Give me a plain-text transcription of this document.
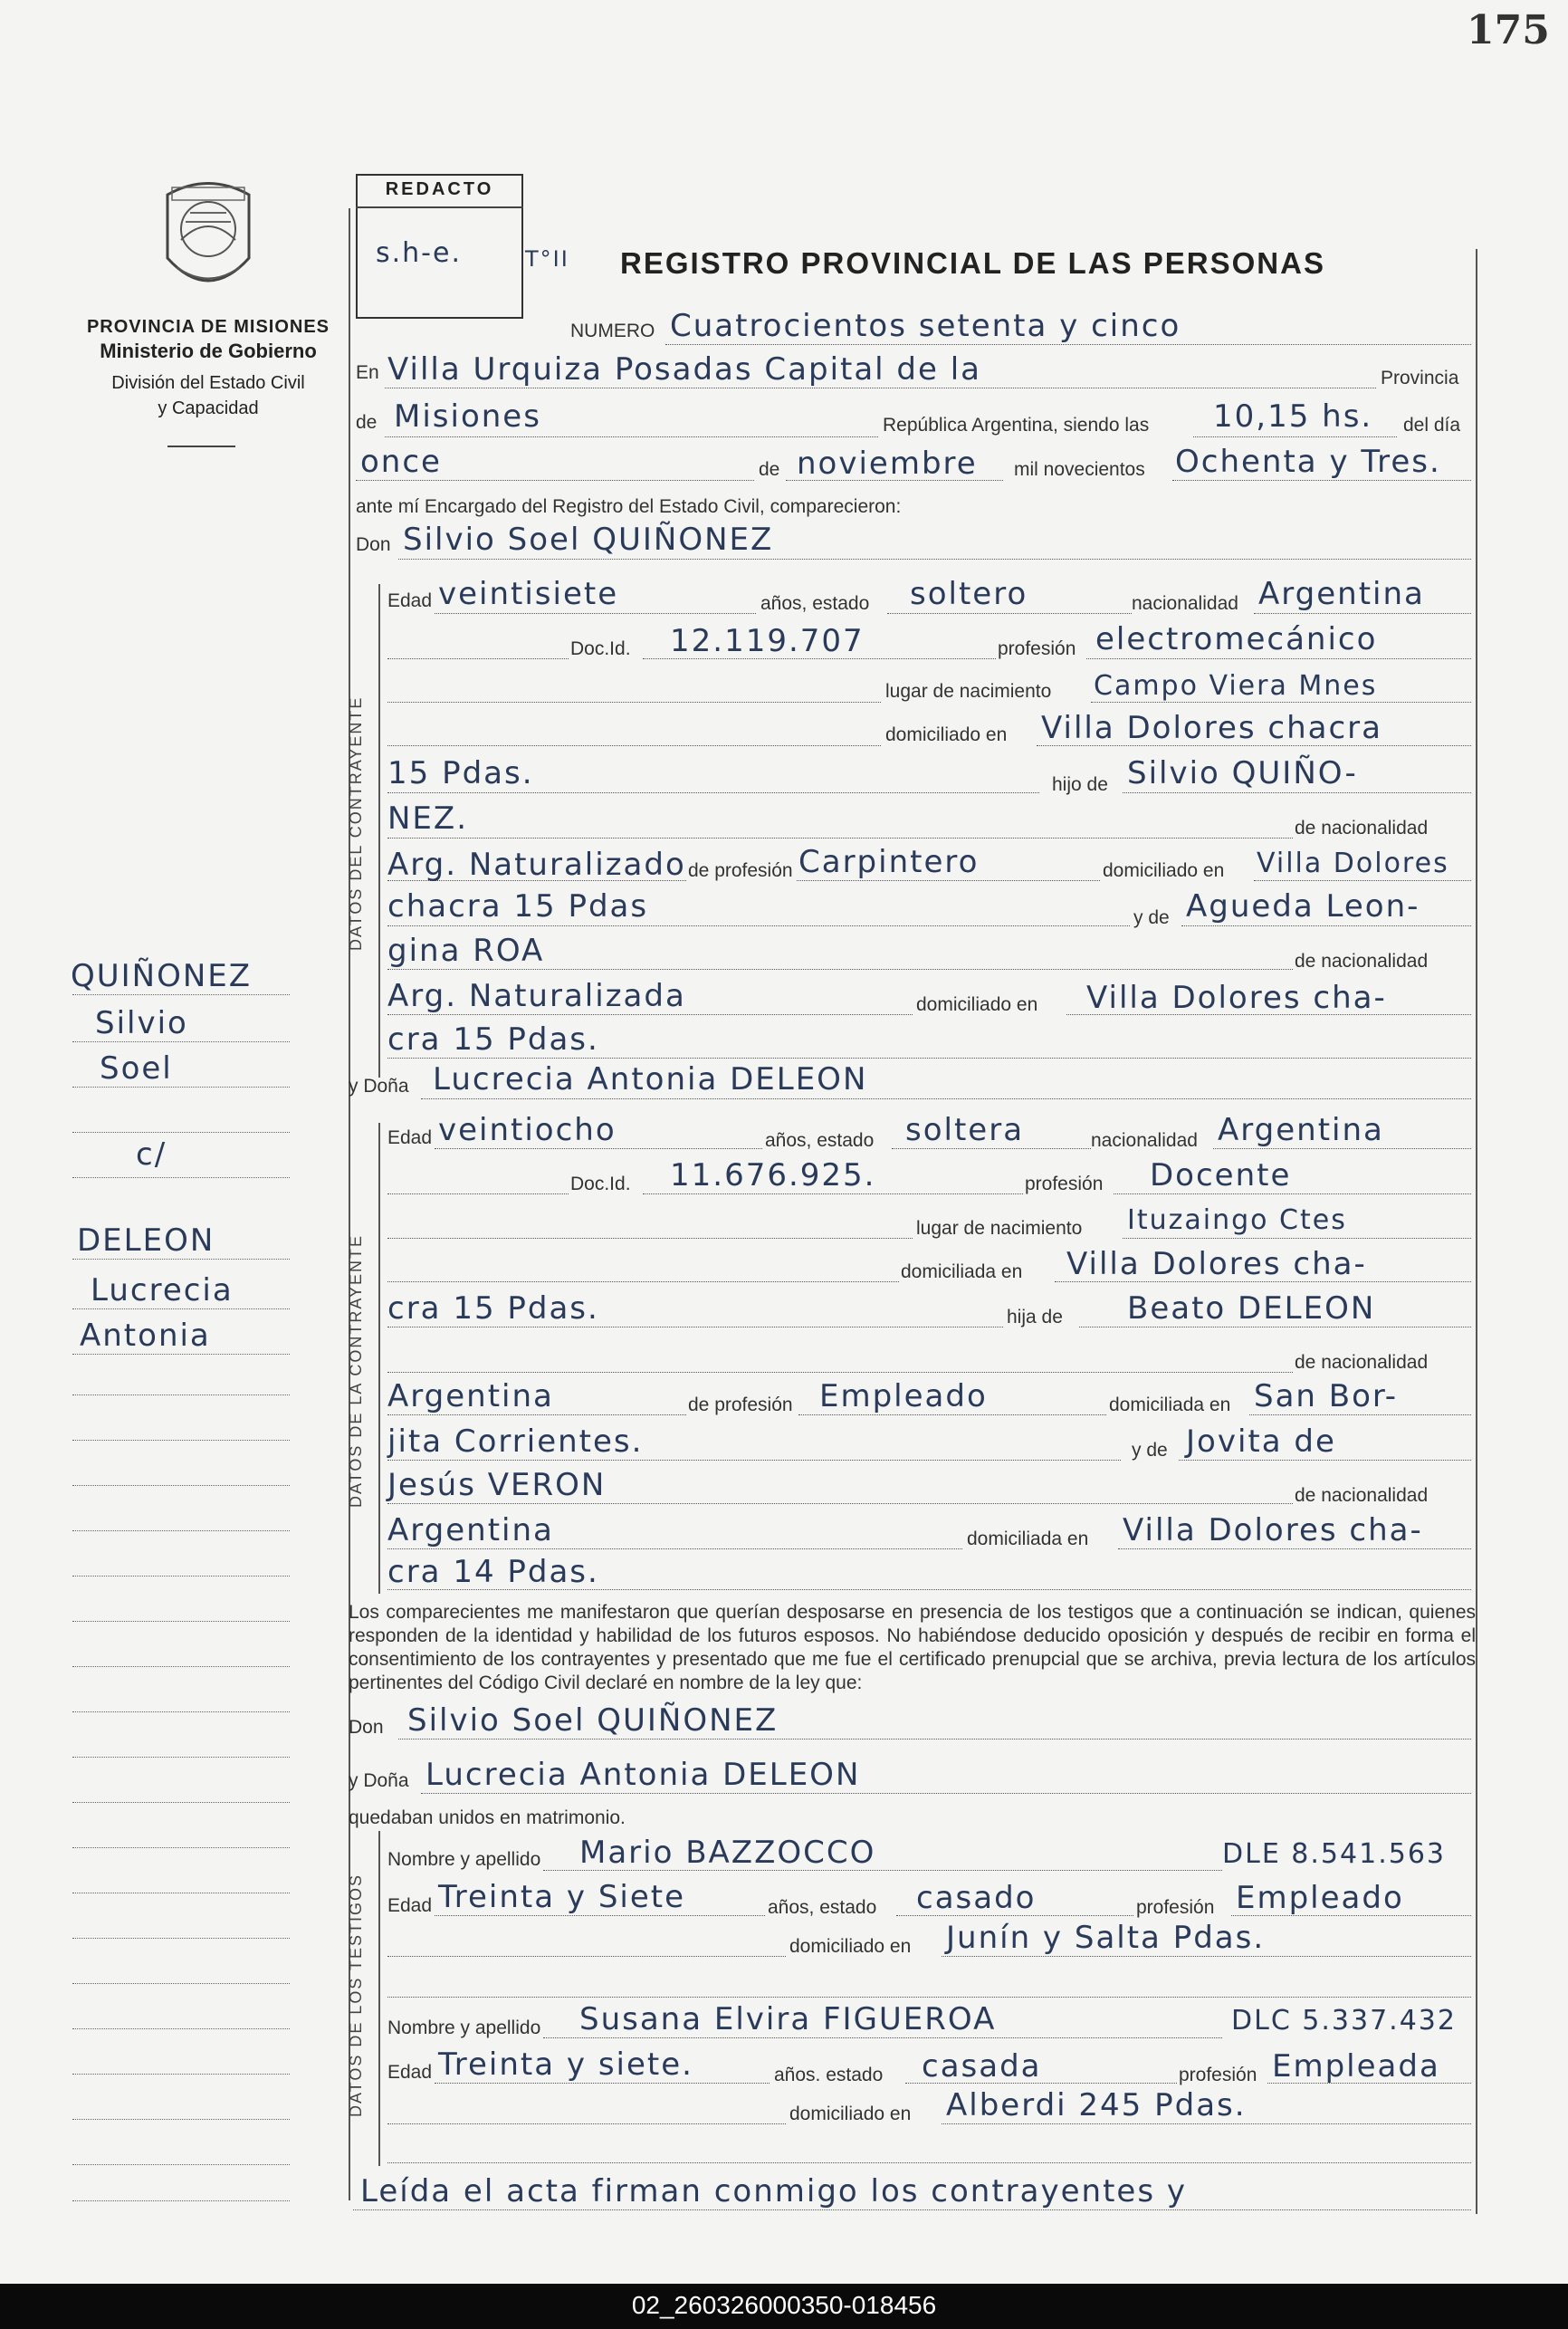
175
PROVINCIA DE MISIONES
Ministerio de Gobierno
División del Estado Civil
y Capacidad
REDACTO
s.h-e.	T°II REGISTRO PROVINCIAL DE LAS PERSONAS
NUMERO Cuatrocientos setenta y cinco
En Villa Urquiza Posadas Capital de la	Provincia
de Misiones	República Argentina, siendo las 10,15 hs. del día
once	de noviembre mil novecientos Ochenta y Tres.
ante mí Encargado del Registro del Estado Civil, comparecieron:
Don Silvio Soel QUIÑONEZ
DATOS DEL CONTRAYENTE
Edad veintisiete	años, estado soltero	nacionalidad Argentina
Doc.Id. 12.119.707	profesión electromecánico
lugar de nacimiento Campo Viera Mnes
domiciliado en Villa Dolores chacra
15 Pdas.	hijo de Silvio QUIÑO-
NEZ.	de nacionalidad
Arg. Naturalizado de profesión Carpintero	domiciliado en Villa Dolores
chacra 15 Pdas	y de Agueda Leon-
gina ROA	de nacionalidad
Arg. Naturalizada	domiciliado en Villa Dolores cha-
cra 15 Pdas.
y Doña Lucrecia Antonia DELEON
DATOS DE LA CONTRAYENTE
Edad veintiocho	años, estado soltera	nacionalidad Argentina
Doc.Id. 11.676.925.	profesión Docente
lugar de nacimiento Ituzaingo Ctes
domiciliada en Villa Dolores cha-
cra 15 Pdas.	hija de Beato DELEON
de nacionalidad
Argentina	de profesión Empleado	domiciliada en San Bor-
jita Corrientes.	y de Jovita de
Jesús VERON	de nacionalidad
Argentina	domiciliada en Villa Dolores cha-
cra 14 Pdas.
Los comparecientes me manifestaron que querían desposarse en presencia de los testigos que a continuación se indican, quienes responden de la identidad y habilidad de los futuros esposos. No habiéndose deducido oposición y después de recibir en forma el consentimiento de los contrayentes y presentado que me fue el certificado prenupcial que se archiva, previa lectura de los artículos pertinentes del Código Civil declaré en nombre de la ley que:
Don Silvio Soel QUIÑONEZ
y Doña Lucrecia Antonia DELEON
quedaban unidos en matrimonio.
DATOS DE LOS TESTIGOS
Nombre y apellido Mario BAZZOCCO	DLE 8.541.563
Edad Treinta y Siete	años, estado casado	profesión Empleado
domiciliado en Junín y Salta Pdas.
Nombre y apellido Susana Elvira FIGUEROA	DLC 5.337.432
Edad Treinta y siete.	años. estado casada	profesión Empleada
domiciliado en Alberdi 245 Pdas.
Leída el acta firman conmigo los contrayentes y
QUIÑONEZ
Silvio
Soel
c/
DELEON
Lucrecia
Antonia
02_260326000350-018456
